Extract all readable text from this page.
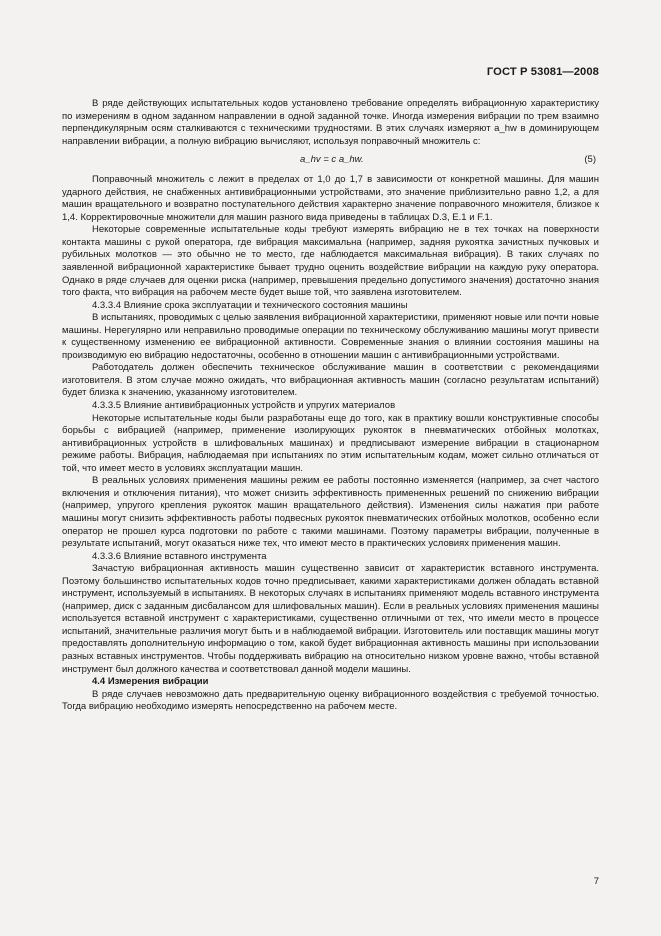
ГОСТ Р 53081—2008

В ряде действующих испытательных кодов установлено требование определять вибрационную характеристику по измерениям в одном заданном направлении в одной заданной точке. Иногда измерения вибрации по трем взаимно перпендикулярным осям сталкиваются с техническими трудностями. В этих случаях измеряют a_hw в доминирующем направлении вибрации, а полную вибрацию вычисляют, используя поправочный множитель c:

a_hv = c a_hw.	(5)

Поправочный множитель c лежит в пределах от 1,0 до 1,7 в зависимости от конкретной машины. Для машин ударного действия, не снабженных антивибрационными устройствами, это значение приблизительно равно 1,2, а для машин вращательного и возвратно поступательного действия характерно значение поправочного множителя, близкое к 1,4. Корректировочные множители для машин разного вида приведены в таблицах D.3, E.1 и F.1.

Некоторые современные испытательные коды требуют измерять вибрацию не в тех точках на поверхности контакта машины с рукой оператора, где вибрация максимальна (например, задняя рукоятка зачистных пучковых и рубильных молотков — это обычно не то место, где наблюдается максимальная вибрация). В таких случаях по заявленной вибрационной характеристике бывает трудно оценить воздействие вибрации на каждую руку оператора. Однако в ряде случаев для оценки риска (например, превышения предельно допустимого значения) достаточно знания того факта, что вибрация на рабочем месте будет выше той, что заявлена изготовителем.

4.3.3.4 Влияние срока эксплуатации и технического состояния машины

В испытаниях, проводимых с целью заявления вибрационной характеристики, применяют новые или почти новые машины. Нерегулярно или неправильно проводимые операции по техническому обслуживанию машины могут привести к существенному изменению ее вибрационной активности. Современные знания о влиянии состояния машины на производимую ею вибрацию недостаточны, особенно в отношении машин с антивибрационными устройствами.

Работодатель должен обеспечить техническое обслуживание машин в соответствии с рекомендациями изготовителя. В этом случае можно ожидать, что вибрационная активность машин (согласно результатам испытаний) будет близка к значению, указанному изготовителем.

4.3.3.5 Влияние антивибрационных устройств и упругих материалов

Некоторые испытательные коды были разработаны еще до того, как в практику вошли конструктивные способы борьбы с вибрацией (например, применение изолирующих рукояток в пневматических отбойных молотках, антивибрационных устройств в шлифовальных машинах) и предписывают измерение вибрации в стационарном режиме работы. Вибрация, наблюдаемая при испытаниях по этим испытательным кодам, может сильно отличаться от той, что имеет место в условиях эксплуатации машин.

В реальных условиях применения машины режим ее работы постоянно изменяется (например, за счет частого включения и отключения питания), что может снизить эффективность примененных решений по снижению вибрации (например, упругого крепления рукояток машин вращательного действия). Изменения силы нажатия при работе машины могут снизить эффективность работы подвесных рукояток пневматических отбойных молотков, особенно если оператор не прошел курса подготовки по работе с такими машинами. Поэтому параметры вибрации, полученные в результате испытаний, могут оказаться ниже тех, что имеют место в практических условиях применения машин.

4.3.3.6 Влияние вставного инструмента

Зачастую вибрационная активность машин существенно зависит от характеристик вставного инструмента. Поэтому большинство испытательных кодов точно предписывает, какими характеристиками должен обладать вставной инструмент, используемый в испытаниях. В некоторых случаях в испытаниях применяют модель вставного инструмента (например, диск с заданным дисбалансом для шлифовальных машин). Если в реальных условиях применения машины используется вставной инструмент с характеристиками, существенно отличными от тех, что имели место в процессе испытаний, значительные различия могут быть и в наблюдаемой вибрации. Изготовитель или поставщик машины могут предоставлять дополнительную информацию о том, какой будет вибрационная активность машины при использовании разных вставных инструментов. Чтобы поддерживать вибрацию на относительно низком уровне важно, чтобы вставной инструмент был должного качества и соответствовал данной модели машины.

4.4 Измерения вибрации

В ряде случаев невозможно дать предварительную оценку вибрационного воздействия с требуемой точностью. Тогда вибрацию необходимо измерять непосредственно на рабочем месте.

7
